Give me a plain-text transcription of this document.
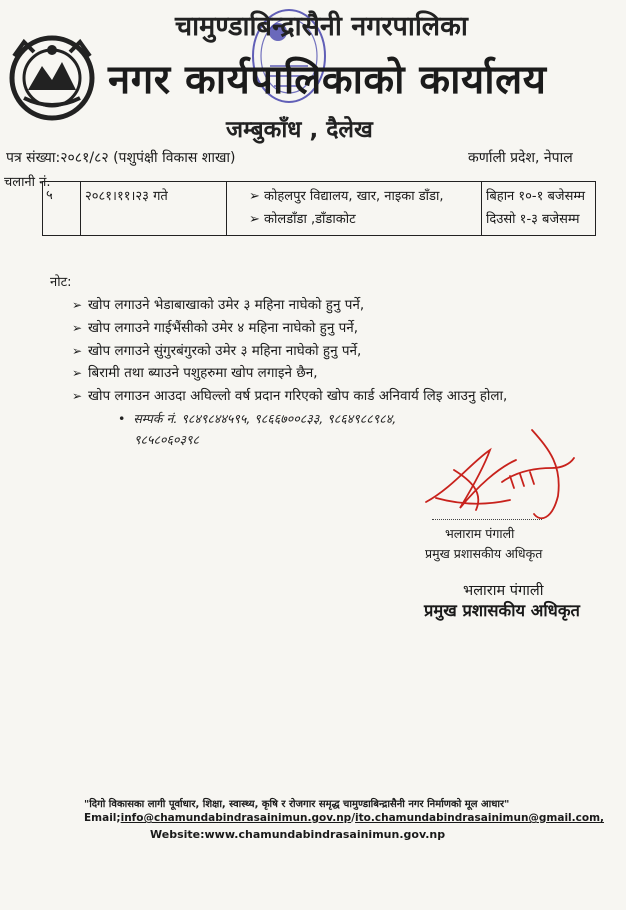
चामुण्डाबिन्द्रासैनी नगरपालिका
नगर कार्यपालिकाको कार्यालय
जम्बुकाँध , दैलेख
पत्र संख्या:२०८१/८२ (पशुपंक्षी विकास शाखा)	कर्णाली प्रदेश, नेपाल
चलानी नं.
५ २०८१।११।२३ गते	➢ कोहलपुर विद्यालय, खार, नाइका डाँडा,
➢ कोलडाँडा ,डाँडाकोट
बिहान १०-१ बजेसम्म
दिउसो १-३ बजेसम्म
नोट:
➢ खोप लगाउने भेडाबाखाको उमेर ३ महिना नाघेको हुनु पर्ने,
➢ खोप लगाउने गाईभैंसीको उमेर ४ महिना नाघेको हुनु पर्ने,
➢ खोप लगाउने सुंगुरबंगुरको उमेर ३ महिना नाघेको हुनु पर्ने,
➢ बिरामी तथा ब्याउने पशुहरुमा खोप लगाइने छैन,
➢ खोप लगाउन आउदा अघिल्लो वर्ष प्रदान गरिएको खोप कार्ड अनिवार्य लिइ आउनु होला,
•  सम्पर्क नं. ९८४९८४४५९५, ९८६६७००८३३, ९८६४९८८९८४,
९८५८०६०३९८
भलाराम पंगाली
प्रमुख प्रशासकीय अधिकृत
भलाराम पंगाली
प्रमुख प्रशासकीय अधिकृत
"दिगो विकासका लागी पूर्वाधार, शिक्षा, स्वास्थ्य, कृषि र रोजगार समृद्ध चामुण्डाबिन्द्रासैनी नगर निर्माणको मूल आधार"
Email;info@chamundabindrasainimun.gov.np/ito.chamundabindrasainimun@gmail.com,
Website:www.chamundabindrasainimun.gov.np
